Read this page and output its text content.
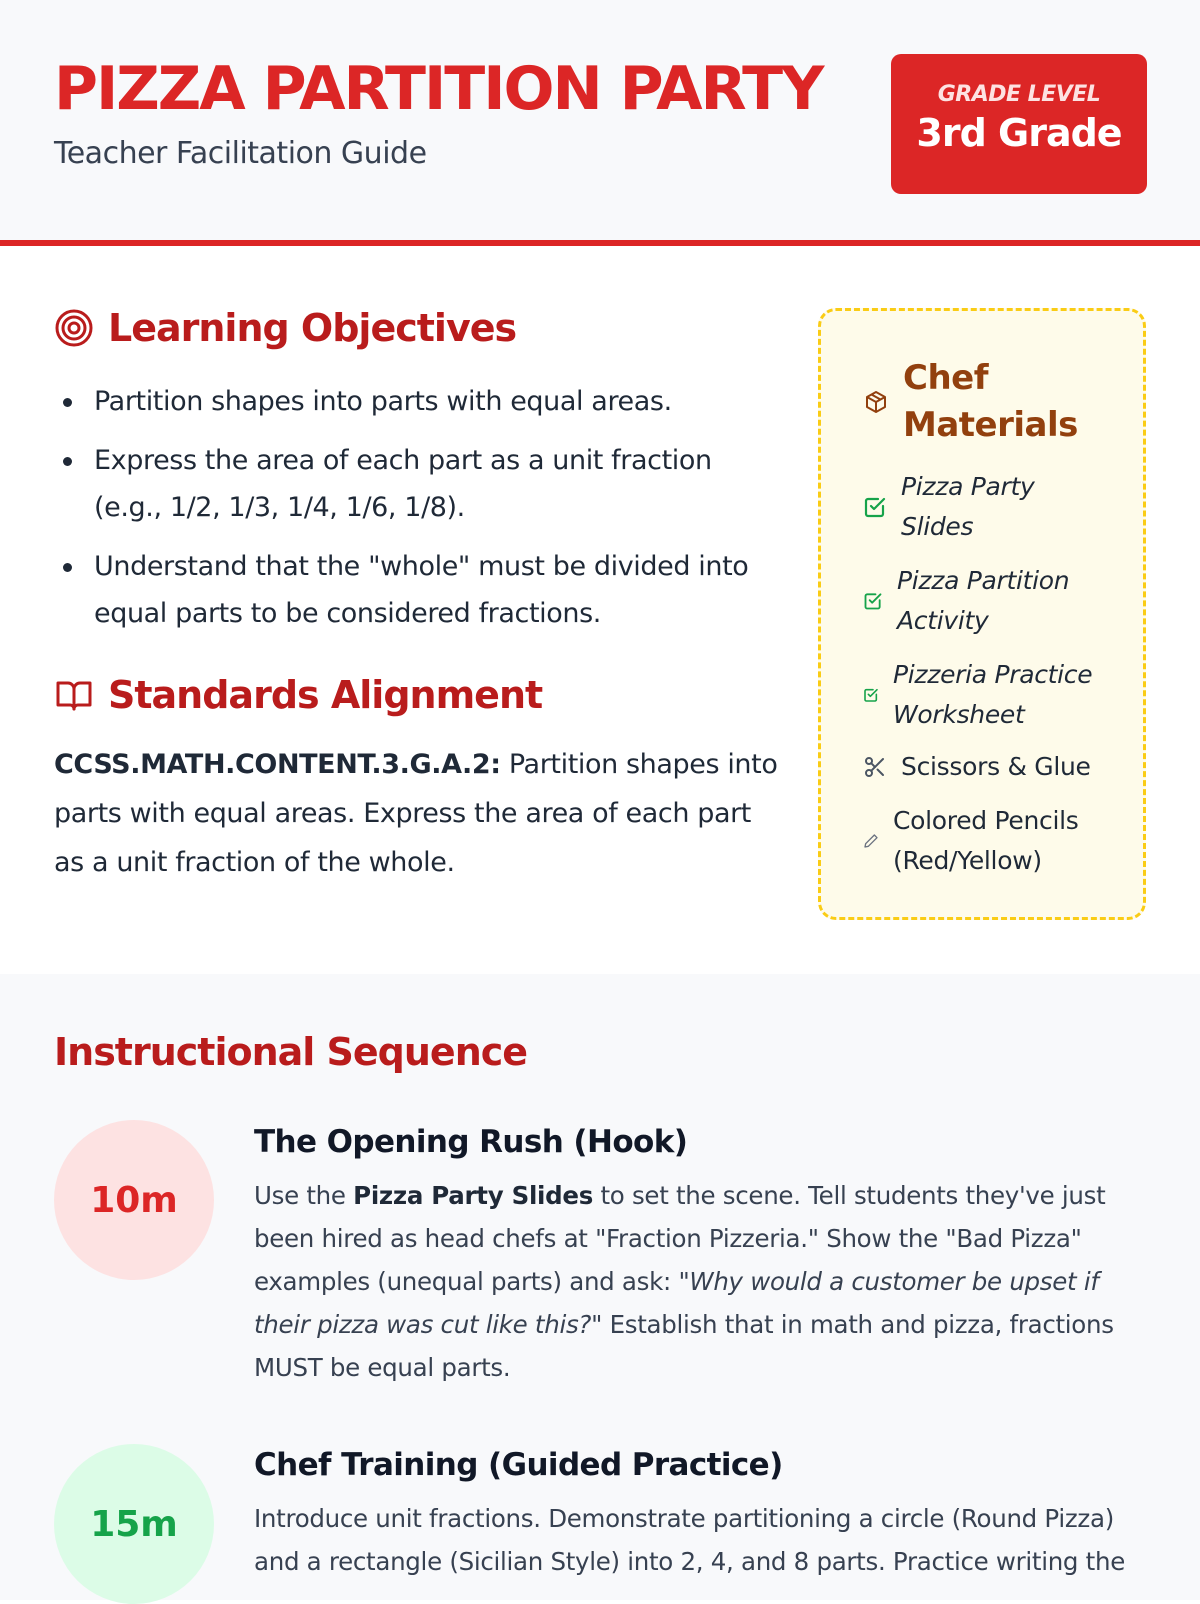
PIZZA PARTITION PARTY
Teacher Facilitation Guide
GRADE LEVEL
3rd Grade
Learning Objectives
Partition shapes into parts with equal areas.
Express the area of each part as a unit fraction (e.g., 1/2, 1/3, 1/4, 1/6, 1/8).
Understand that the "whole" must be divided into equal parts to be considered fractions.
Standards Alignment

CCSS.MATH.CONTENT.3.G.A.2: Partition shapes into parts with equal areas. Express the area of each part as a unit fraction of the whole.

Chef Materials
Pizza Party Slides
Pizza Partition Activity
Pizzeria Practice Worksheet
Scissors & Glue
Colored Pencils (Red/Yellow)
Instructional Sequence
10m
The Opening Rush (Hook)

Use the Pizza Party Slides to set the scene. Tell students they've just been hired as head chefs at "Fraction Pizzeria." Show the "Bad Pizza" examples (unequal parts) and ask: "Why would a customer be upset if their pizza was cut like this?" Establish that in math and pizza, fractions MUST be equal parts.

15m
Chef Training (Guided Practice)

Introduce unit fractions. Demonstrate partitioning a circle (Round Pizza) and a rectangle (Sicilian Style) into 2, 4, and 8 parts. Practice writing the
